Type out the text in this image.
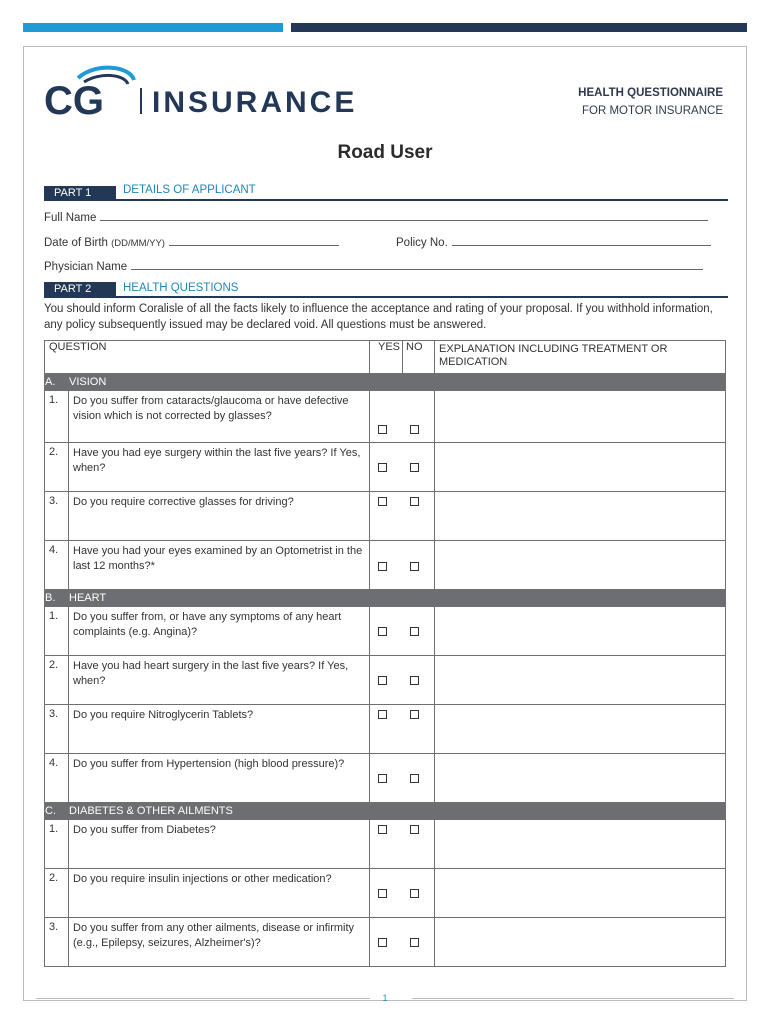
CG INSURANCE	HEALTH QUESTIONNAIRE
FOR MOTOR INSURANCE
Road User
PART 1	DETAILS OF APPLICANT
Full Name
Date of Birth (DD/MM/YY)	Policy No.
Physician Name
PART 2	HEALTH QUESTIONS
You should inform Coralisle of all the facts likely to influence the acceptance and rating of your proposal. If you withhold information, any policy subsequently issued may be declared void. All questions must be answered.
QUESTION		YES	NO	EXPLANATION INCLUDING TREATMENT OR MEDICATION
A.	VISION			
1.	Do you suffer from cataracts/glaucoma or have defective vision which is not corrected by glasses?		

2.	Have you had eye surgery within the last five years? If Yes, when?		

3.	Do you require corrective glasses for driving?		

4.	Have you had your eyes examined by an Optometrist in the last 12 months?*		

B.	HEART			
1.	Do you suffer from, or have any symptoms of any heart complaints (e.g. Angina)?		

2.	Have you had heart surgery in the last five years? If Yes, when?		

3.	Do you require Nitroglycerin Tablets?		

4.	Do you suffer from Hypertension (high blood pressure)?		

C.	DIABETES & OTHER AILMENTS			
1.	Do you suffer from Diabetes?		

2.	Do you require insulin injections or other medication?		

3.	Do you suffer from any other ailments, disease or infirmity (e.g., Epilepsy, seizures, Alzheimer's)?		

1
